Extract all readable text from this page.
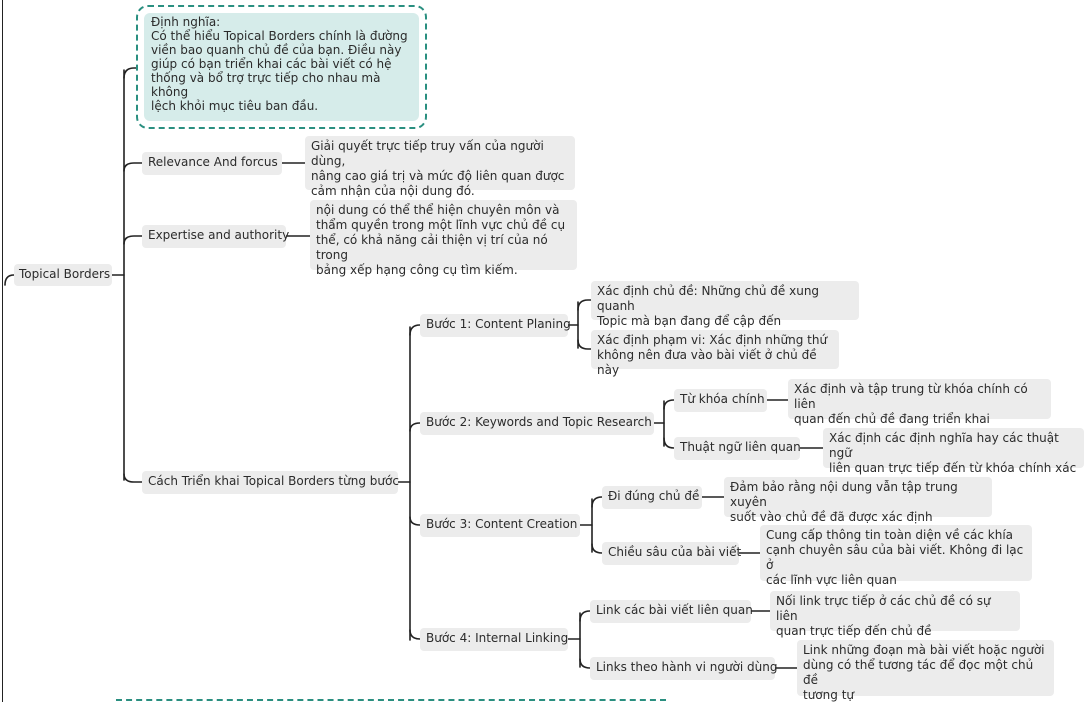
Topical Borders
Định nghĩa:
Có thể hiểu Topical Borders chính là đường
viền bao quanh chủ đề của bạn. Điều này
giúp có bạn triển khai các bài viết có hệ
thống và bổ trợ trực tiếp cho nhau mà không
lệch khỏi mục tiêu ban đầu.
Relevance And forcus
Giải quyết trực tiếp truy vấn của người dùng,
nâng cao giá trị và mức độ liên quan được
cảm nhận của nội dung đó.
Expertise and authority
nội dung có thể thể hiện chuyên môn và
thẩm quyền trong một lĩnh vực chủ đề cụ
thể, có khả năng cải thiện vị trí của nó trong
bảng xếp hạng công cụ tìm kiếm.
Cách Triển khai Topical Borders từng bước
Bước 1: Content Planing
Xác định chủ đề: Những chủ đề xung quanh
Topic mà bạn đang để cập đến
Xác định phạm vi: Xác định những thứ
không nên đưa vào bài viết ở chủ đề này
Bước 2: Keywords and Topic Research
Từ khóa chính
Xác định và tập trung từ khóa chính có liên
quan đến chủ đề đang triển khai
Thuật ngữ liên quan
Xác định các định nghĩa hay các thuật ngữ
liên quan trực tiếp đến từ khóa chính xác
Bước 3: Content Creation
Đi đúng chủ đề
Đảm bảo rằng nội dung vẫn tập trung xuyên
suốt vào chủ đề đã được xác định
Chiều sâu của bài viết
Cung cấp thông tin toàn diện về các khía
cạnh chuyên sâu của bài viết. Không đi lạc ở
các lĩnh vực liên quan
Bước 4: Internal Linking
Link các bài viết liên quan
Nối link trực tiếp ở các chủ đề có sự liên
quan trực tiếp đến chủ đề
Links theo hành vi người dùng
Link những đoạn mà bài viết hoặc người
dùng có thể tương tác để đọc một chủ đề
tương tự
